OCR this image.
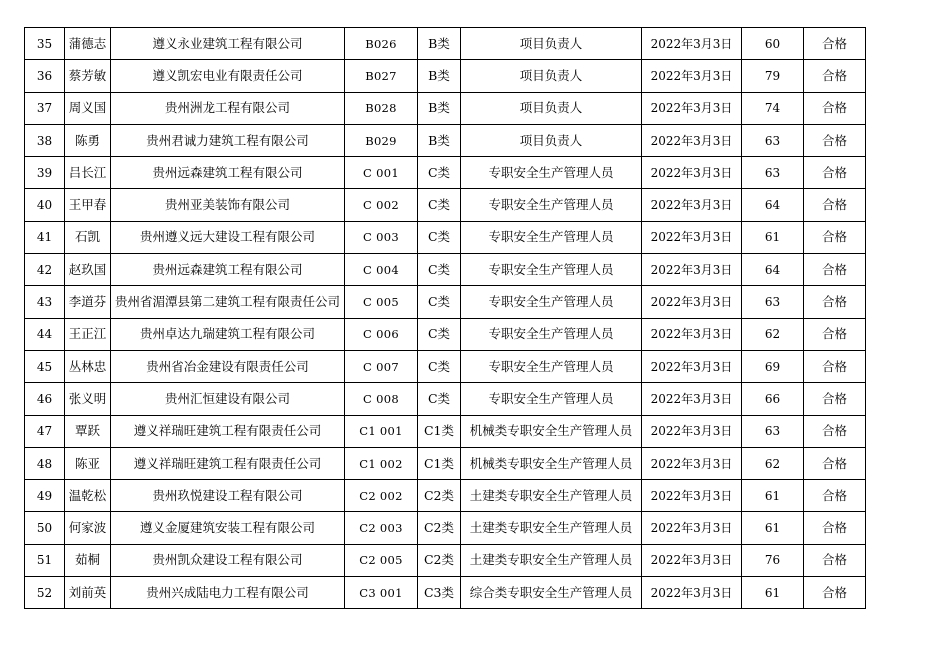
35	蒲德志	遵义永业建筑工程有限公司	B026	B类	项目负责人	2022年3月3日	60	合格
36	蔡芳敏	遵义凯宏电业有限责任公司	B027	B类	项目负责人	2022年3月3日	79	合格
37	周义国	贵州洲龙工程有限公司	B028	B类	项目负责人	2022年3月3日	74	合格
38	陈勇	贵州君诚力建筑工程有限公司	B029	B类	项目负责人	2022年3月3日	63	合格
39	吕长江	贵州远森建筑工程有限公司	C 001	C类	专职安全生产管理人员	2022年3月3日	63	合格
40	王甲春	贵州亚美装饰有限公司	C 002	C类	专职安全生产管理人员	2022年3月3日	64	合格
41	石凯	贵州遵义远大建设工程有限公司	C 003	C类	专职安全生产管理人员	2022年3月3日	61	合格
42	赵玖国	贵州远森建筑工程有限公司	C 004	C类	专职安全生产管理人员	2022年3月3日	64	合格
43	李道芬	贵州省湄潭县第二建筑工程有限责任公司	C 005	C类	专职安全生产管理人员	2022年3月3日	63	合格
44	王正江	贵州卓达九瑞建筑工程有限公司	C 006	C类	专职安全生产管理人员	2022年3月3日	62	合格
45	丛林忠	贵州省冶金建设有限责任公司	C 007	C类	专职安全生产管理人员	2022年3月3日	69	合格
46	张义明	贵州汇恒建设有限公司	C 008	C类	专职安全生产管理人员	2022年3月3日	66	合格
47	覃跃	遵义祥瑞旺建筑工程有限责任公司	C1 001	C1类	机械类专职安全生产管理人员	2022年3月3日	63	合格
48	陈亚	遵义祥瑞旺建筑工程有限责任公司	C1 002	C1类	机械类专职安全生产管理人员	2022年3月3日	62	合格
49	温乾松	贵州玖悦建设工程有限公司	C2 002	C2类	土建类专职安全生产管理人员	2022年3月3日	61	合格
50	何家波	遵义金厦建筑安装工程有限公司	C2 003	C2类	土建类专职安全生产管理人员	2022年3月3日	61	合格
51	茹桐	贵州凯众建设工程有限公司	C2 005	C2类	土建类专职安全生产管理人员	2022年3月3日	76	合格
52	刘前英	贵州兴成陆电力工程有限公司	C3 001	C3类	综合类专职安全生产管理人员	2022年3月3日	61	合格
